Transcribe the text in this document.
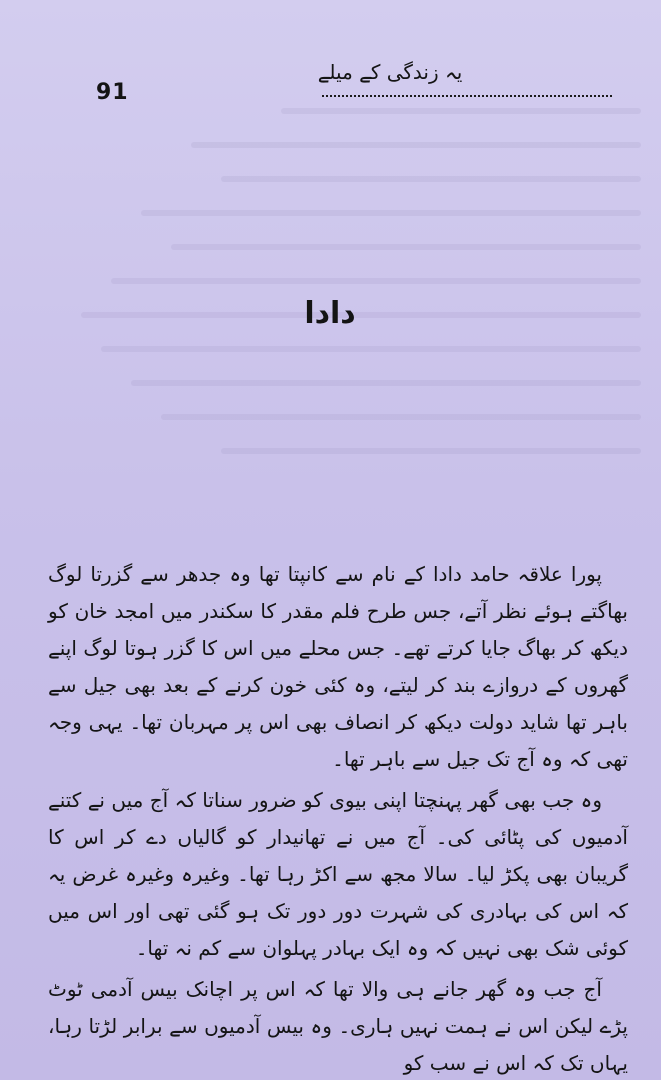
91
یہ زندگی کے میلے
دادا

پورا علاقہ حامد دادا کے نام سے کانپتا تھا وہ جدھر سے گزرتا لوگ بھاگتے ہوئے نظر آتے، جس طرح فلم مقدر کا سکندر میں امجد خان کو دیکھ کر بھاگ جایا کرتے تھے۔ جس محلے میں اس کا گزر ہوتا لوگ اپنے گھروں کے دروازے بند کر لیتے، وہ کئی خون کرنے کے بعد بھی جیل سے باہر تھا شاید دولت دیکھ کر انصاف بھی اس پر مہربان تھا۔ یہی وجہ تھی کہ وہ آج تک جیل سے باہر تھا۔

وہ جب بھی گھر پہنچتا اپنی بیوی کو ضرور سناتا کہ آج میں نے کتنے آدمیوں کی پٹائی کی۔ آج میں نے تھانیدار کو گالیاں دے کر اس کا گریبان بھی پکڑ لیا۔ سالا مجھ سے اکڑ رہا تھا۔ وغیرہ وغیرہ غرض یہ کہ اس کی بہادری کی شہرت دور دور تک ہو گئی تھی اور اس میں کوئی شک بھی نہیں کہ وہ ایک بہادر پہلوان سے کم نہ تھا۔

آج جب وہ گھر جانے ہی والا تھا کہ اس پر اچانک بیس آدمی ٹوٹ پڑے لیکن اس نے ہمت نہیں ہاری۔ وہ بیس آدمیوں سے برابر لڑتا رہا، یہاں تک کہ اس نے سب کو
